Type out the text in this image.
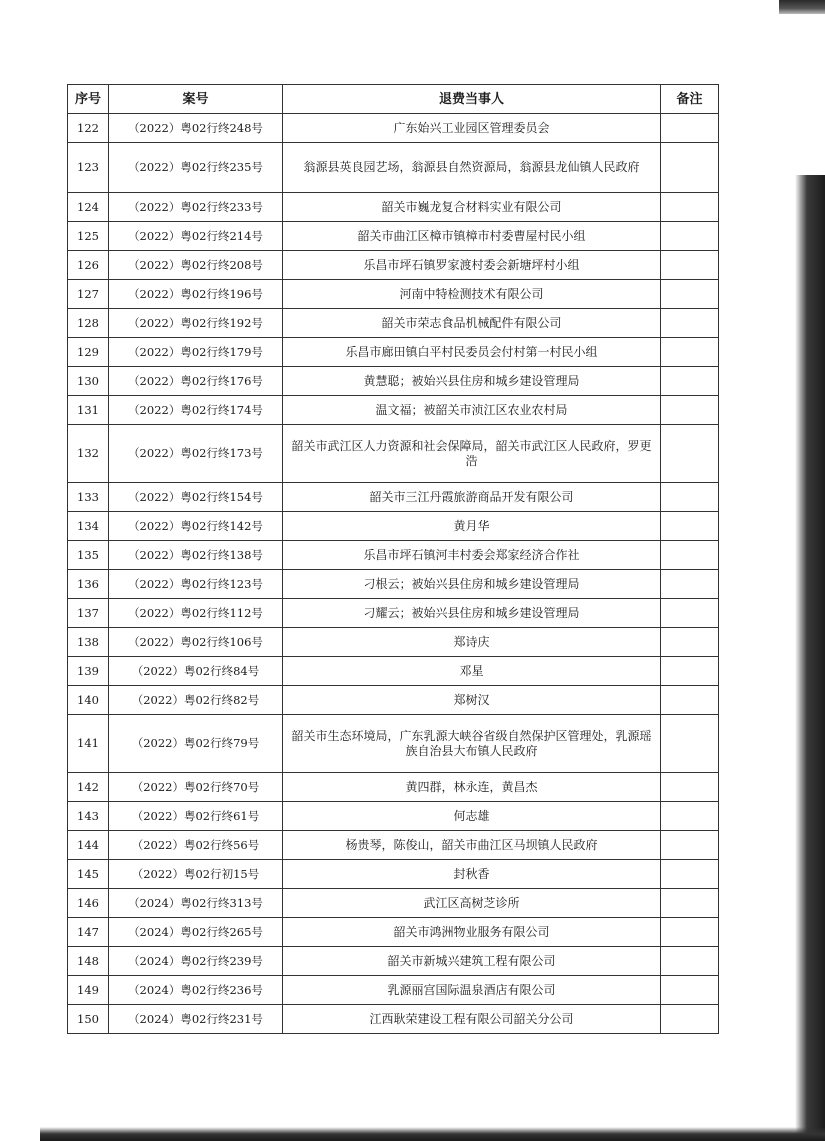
序号	案号	退费当事人	备注
122	（2022）粤02行终248号	广东始兴工业园区管理委员会	
123	（2022）粤02行终235号	翁源县英良园艺场，翁源县自然资源局，翁源县龙仙镇人民政府	
124	（2022）粤02行终233号	韶关市巍龙复合材料实业有限公司	
125	（2022）粤02行终214号	韶关市曲江区樟市镇樟市村委曹屋村民小组	
126	（2022）粤02行终208号	乐昌市坪石镇罗家渡村委会新塘坪村小组	
127	（2022）粤02行终196号	河南中特检测技术有限公司	
128	（2022）粤02行终192号	韶关市荣志食品机械配件有限公司	
129	（2022）粤02行终179号	乐昌市廊田镇白平村民委员会付村第一村民小组	
130	（2022）粤02行终176号	黄慧聪；被始兴县住房和城乡建设管理局	
131	（2022）粤02行终174号	温文福；被韶关市浈江区农业农村局	
132	（2022）粤02行终173号	韶关市武江区人力资源和社会保障局，韶关市武江区人民政府，罗更浩	
133	（2022）粤02行终154号	韶关市三江丹霞旅游商品开发有限公司	
134	（2022）粤02行终142号	黄月华	
135	（2022）粤02行终138号	乐昌市坪石镇河丰村委会郑家经济合作社	
136	（2022）粤02行终123号	刁根云；被始兴县住房和城乡建设管理局	
137	（2022）粤02行终112号	刁耀云；被始兴县住房和城乡建设管理局	
138	（2022）粤02行终106号	郑诗庆	
139	（2022）粤02行终84号	邓星	
140	（2022）粤02行终82号	郑树汉	
141	（2022）粤02行终79号	韶关市生态环境局，广东乳源大峡谷省级自然保护区管理处，乳源瑶族自治县大布镇人民政府	
142	（2022）粤02行终70号	黄四群，林永连，黄昌杰	
143	（2022）粤02行终61号	何志雄	
144	（2022）粤02行终56号	杨贵琴，陈俊山，韶关市曲江区马坝镇人民政府	
145	（2022）粤02行初15号	封秋香	
146	（2024）粤02行终313号	武江区高树芝诊所	
147	（2024）粤02行终265号	韶关市鸿洲物业服务有限公司	
148	（2024）粤02行终239号	韶关市新城兴建筑工程有限公司	
149	（2024）粤02行终236号	乳源丽宫国际温泉酒店有限公司	
150	（2024）粤02行终231号	江西耿荣建设工程有限公司韶关分公司	
